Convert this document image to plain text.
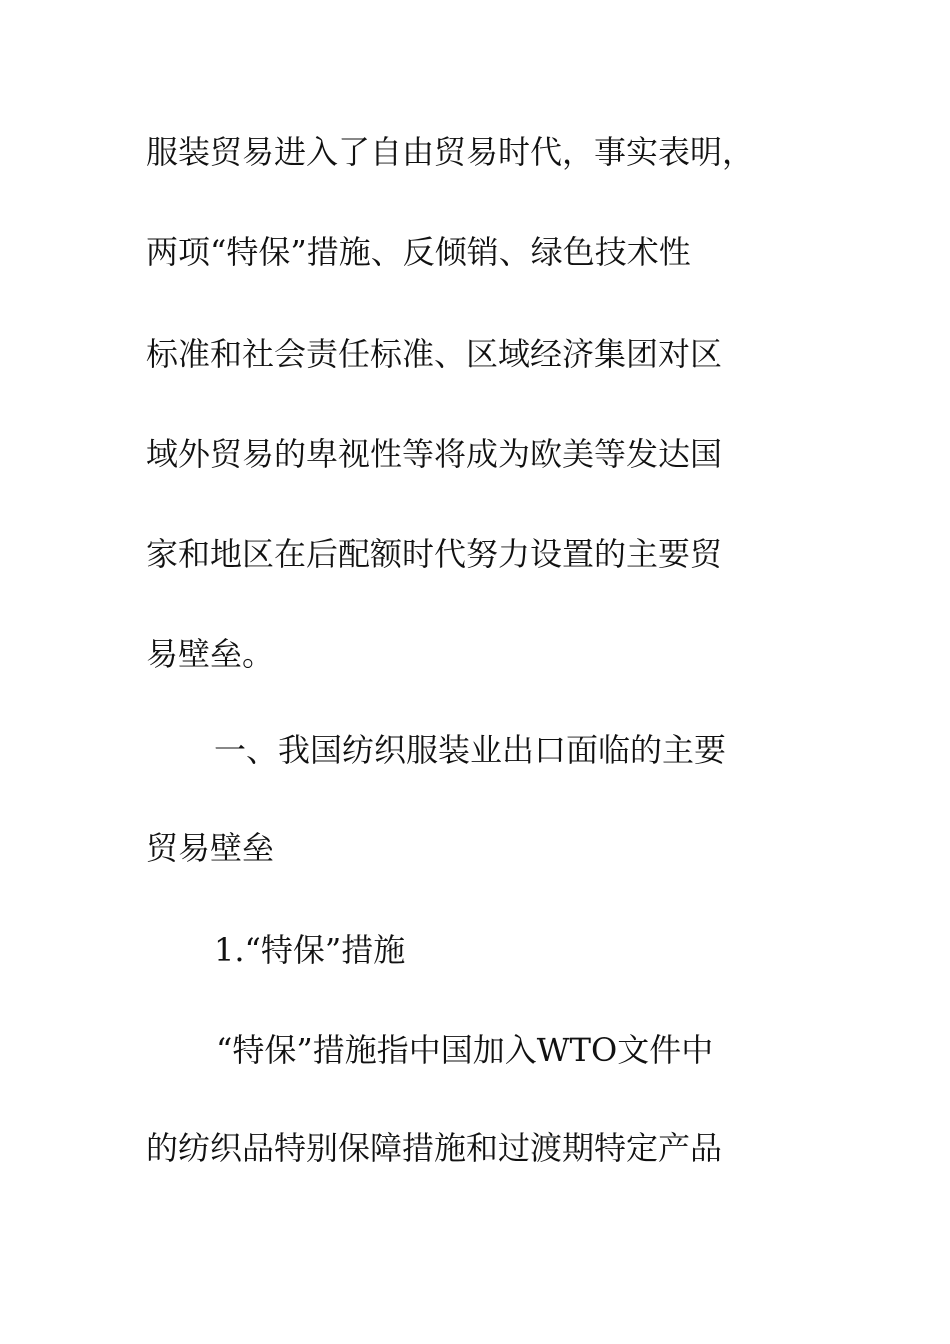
服装贸易进入了自由贸易时代，事实表明，
两项“特保”措施、反倾销、绿色技术性
标准和社会责任标准、区域经济集团对区
域外贸易的卑视性等将成为欧美等发达国
家和地区在后配额时代努力设置的主要贸
易壁垒。
一、我国纺织服装业出口面临的主要
贸易壁垒
1.“特保”措施
“特保”措施指中国加入WTO文件中
的纺织品特别保障措施和过渡期特定产品
